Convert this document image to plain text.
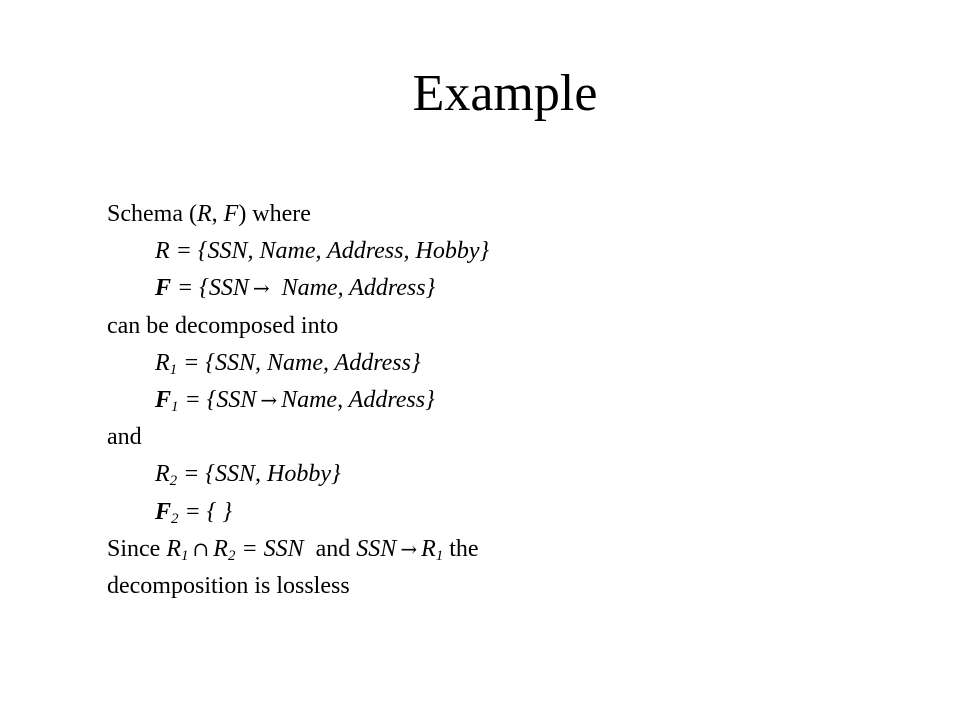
Example
Schema (R, F) where
R = {SSN, Name, Address, Hobby}
F = {SSN → Name, Address}
can be decomposed into
$R_1 = \{SSN$, Name, Address}
$F_1 = \{SSN$ → Name, Address}
and
$R_2 = \{SSN$, Hobby}
$F_2$ = { }
Since $R_1$ ∩ $R_2$ = SSN  and SSN → $R_1$ the
decomposition is lossless
